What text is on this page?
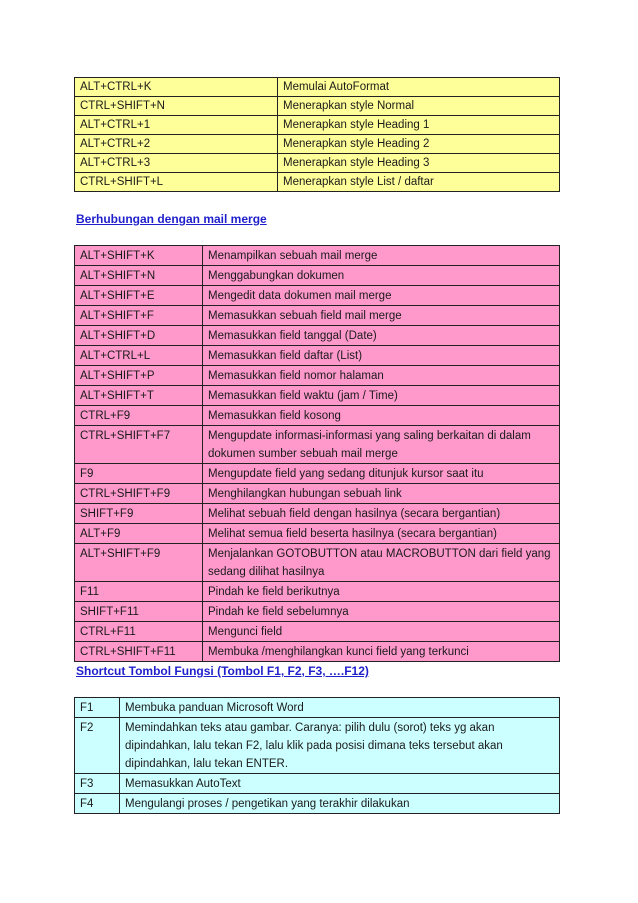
ALT+CTRL+K	Memulai AutoFormat
CTRL+SHIFT+N	Menerapkan style Normal
ALT+CTRL+1	Menerapkan style Heading 1
ALT+CTRL+2	Menerapkan style Heading 2
ALT+CTRL+3	Menerapkan style Heading 3
CTRL+SHIFT+L	Menerapkan style List / daftar
Berhubungan dengan mail merge
ALT+SHIFT+K	Menampilkan sebuah mail merge
ALT+SHIFT+N	Menggabungkan dokumen
ALT+SHIFT+E	Mengedit data dokumen mail merge
ALT+SHIFT+F	Memasukkan sebuah field mail merge
ALT+SHIFT+D	Memasukkan field tanggal (Date)
ALT+CTRL+L	Memasukkan field daftar (List)
ALT+SHIFT+P	Memasukkan field nomor halaman
ALT+SHIFT+T	Memasukkan field waktu (jam / Time)
CTRL+F9	Memasukkan field kosong
CTRL+SHIFT+F7	Mengupdate informasi-informasi yang saling berkaitan di dalam dokumen sumber sebuah mail merge
F9	Mengupdate field yang sedang ditunjuk kursor saat itu
CTRL+SHIFT+F9	Menghilangkan hubungan sebuah link
SHIFT+F9	Melihat sebuah field dengan hasilnya (secara bergantian)
ALT+F9	Melihat semua field beserta hasilnya (secara bergantian)
ALT+SHIFT+F9	Menjalankan GOTOBUTTON atau MACROBUTTON dari field yang sedang dilihat hasilnya
F11	Pindah ke field berikutnya
SHIFT+F11	Pindah ke field sebelumnya
CTRL+F11	Mengunci field
CTRL+SHIFT+F11	Membuka /menghilangkan kunci field yang terkunci
Shortcut Tombol Fungsi (Tombol F1, F2, F3, ….F12)
F1	Membuka panduan Microsoft Word
F2	Memindahkan teks atau gambar. Caranya: pilih dulu (sorot) teks yg akan dipindahkan, lalu tekan F2, lalu klik pada posisi dimana teks tersebut akan dipindahkan, lalu tekan ENTER.
F3	Memasukkan AutoText
F4	Mengulangi proses / pengetikan yang terakhir dilakukan
